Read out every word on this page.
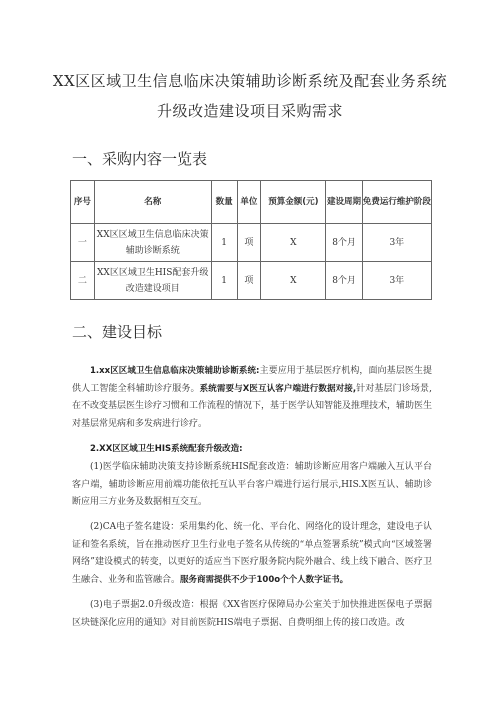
XX区区域卫生信息临床决策辅助诊断系统及配套业务系统
升级改造建设项目采购需求
一、采购内容一览表
序号	名称	数量	单位	预算金额(元)	建设周期	免费运行维护阶段
一	XX区区域卫生信息临床决策辅助诊断系统	1	项	X	8个月	3年
二	XX区区域卫生HIS配套升级改造建设项目	1	项	X	8个月	3年
二、建设目标
1.xx区区域卫生信息临床决策辅助诊断系统:主要应用于基层医疗机构，面向基层医生提供人工智能全科辅助诊疗服务。系统需要与X医互认客户端进行数据对接,针对基层门诊场景,在不改变基层医生诊疗习惯和工作流程的情况下，基于医学认知智能及推理技术，辅助医生对基层常见病和多发病进行诊疗。
2.XX区区域卫生HIS系统配套升级改造:
(1)医学临床辅助决策支持诊断系统HIS配套改造：辅助诊断应用客户端融入互认平台客户端，辅助诊断应用前端功能依托互认平台客户端进行运行展示,HIS.X医互认、辅助诊断应用三方业务及数据相互交互。
(2)CA电子签名建设：采用集约化、统一化、平台化、网络化的设计理念，建设电子认证和签名系统，旨在推动医疗卫生行业电子签名从传统的“单点签署系统”模式向“区域签署网络”建设模式的转变，以更好的适应当下医疗服务院内院外融合、线上线下融合、医疗卫生融合、业务和监管融合。服务商需提供不少于100o个个人数字证书。
(3)电子票据2.0升级改造：根据《XX省医疗保障局办公室关于加快推进医保电子票据区块链深化应用的通知》对目前医院HIS端电子票据、自费明细上传的接口改造。改
